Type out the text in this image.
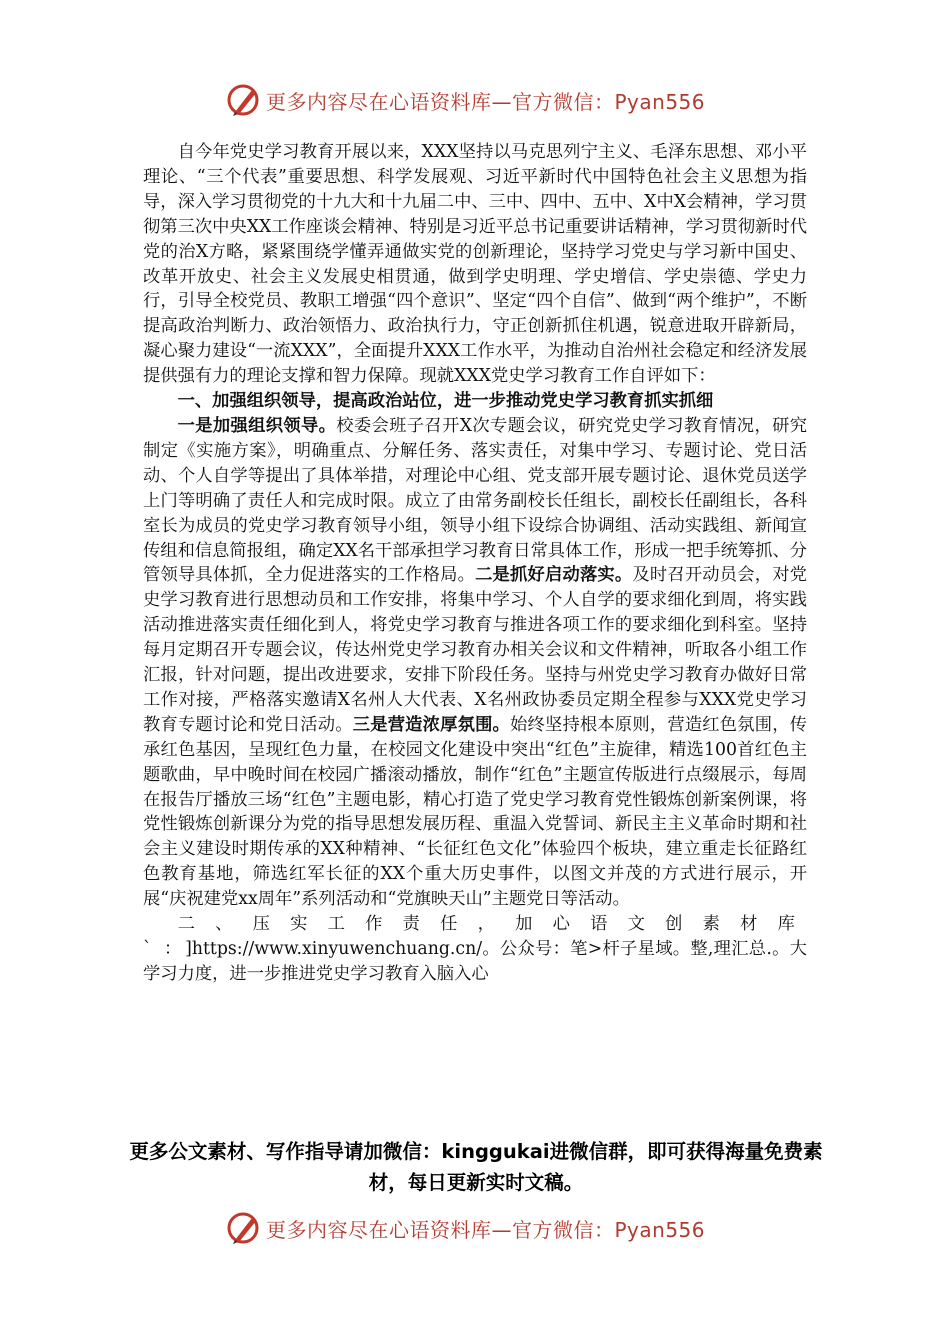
更多内容尽在心语资料库—官方微信：Pyan556

自今年党史学习教育开展以来，XXX坚持以马克思列宁主义、毛泽东思想、邓小平理论、“三个代表”重要思想、科学发展观、习近平新时代中国特色社会主义思想为指导，深入学习贯彻党的十九大和十九届二中、三中、四中、五中、X中X会精神，学习贯彻第三次中央XX工作座谈会精神、特别是习近平总书记重要讲话精神，学习贯彻新时代党的治X方略，紧紧围绕学懂弄通做实党的创新理论，坚持学习党史与学习新中国史、改革开放史、社会主义发展史相贯通，做到学史明理、学史增信、学史崇德、学史力行，引导全校党员、教职工增强“四个意识”、坚定“四个自信”、做到“两个维护”，不断提高政治判断力、政治领悟力、政治执行力，守正创新抓住机遇，锐意进取开辟新局，凝心聚力建设“一流XXX”，全面提升XXX工作水平，为推动自治州社会稳定和经济发展提供强有力的理论支撑和智力保障。现就XXX党史学习教育工作自评如下：

一、加强组织领导，提高政治站位，进一步推动党史学习教育抓实抓细

一是加强组织领导。校委会班子召开X次专题会议，研究党史学习教育情况，研究制定《实施方案》，明确重点、分解任务、落实责任，对集中学习、专题讨论、党日活动、个人自学等提出了具体举措，对理论中心组、党支部开展专题讨论、退休党员送学上门等明确了责任人和完成时限。成立了由常务副校长任组长，副校长任副组长，各科室长为成员的党史学习教育领导小组，领导小组下设综合协调组、活动实践组、新闻宣传组和信息简报组，确定XX名干部承担学习教育日常具体工作，形成一把手统筹抓、分管领导具体抓，全力促进落实的工作格局。二是抓好启动落实。及时召开动员会，对党史学习教育进行思想动员和工作安排，将集中学习、个人自学的要求细化到周，将实践活动推进落实责任细化到人，将党史学习教育与推进各项工作的要求细化到科室。坚持每月定期召开专题会议，传达州党史学习教育办相关会议和文件精神，听取各小组工作汇报，针对问题，提出改进要求，安排下阶段任务。坚持与州党史学习教育办做好日常工作对接，严格落实邀请X名州人大代表、X名州政协委员定期全程参与XXX党史学习教育专题讨论和党日活动。三是营造浓厚氛围。始终坚持根本原则，营造红色氛围，传承红色基因，呈现红色力量，在校园文化建设中突出“红色”主旋律，精选100首红色主题歌曲，早中晚时间在校园广播滚动播放，制作“红色”主题宣传版进行点缀展示，每周在报告厅播放三场“红色”主题电影，精心打造了党史学习教育党性锻炼创新案例课，将党性锻炼创新课分为党的指导思想发展历程、重温入党誓词、新民主主义革命时期和社会主义建设时期传承的XX种精神、“长征红色文化”体验四个板块，建立重走长征路红色教育基地，筛选红军长征的XX个重大历史事件，以图文并茂的方式进行展示，开展“庆祝建党xx周年”系列活动和“党旗映天山”主题党日等活动。

二、压实工作责任，加心语文创素材库`：]https://www.xinyuwenchuang.cn/。公众号：笔>杆子星域。整,理汇总.。大学习力度，进一步推进党史学习教育入脑入心

更多公文素材、写作指导请加微信：kinggukai进微信群，即可获得海量免费素材，每日更新实时文稿。
更多内容尽在心语资料库—官方微信：Pyan556
